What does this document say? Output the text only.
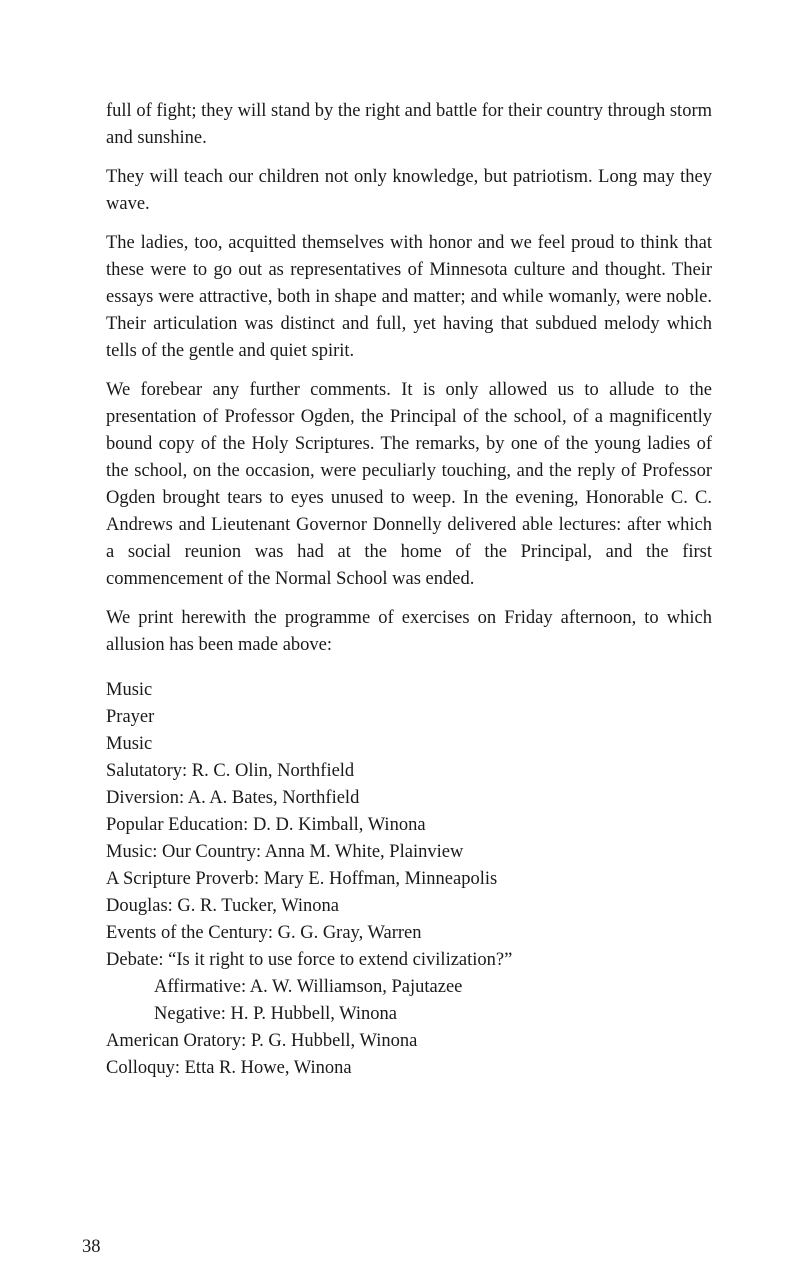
full of fight; they will stand by the right and battle for their country through storm and sunshine.

They will teach our children not only knowledge, but patriotism. Long may they wave.

The ladies, too, acquitted themselves with honor and we feel proud to think that these were to go out as representatives of Minnesota culture and thought. Their essays were attractive, both in shape and matter; and while womanly, were noble. Their articulation was distinct and full, yet having that subdued melody which tells of the gentle and quiet spirit.

We forebear any further comments. It is only allowed us to allude to the presentation of Professor Ogden, the Principal of the school, of a magnificently bound copy of the Holy Scriptures. The remarks, by one of the young ladies of the school, on the occasion, were peculiarly touching, and the reply of Professor Ogden brought tears to eyes unused to weep. In the evening, Honorable C. C. Andrews and Lieutenant Governor Donnelly delivered able lectures: after which a social reunion was had at the home of the Principal, and the first commencement of the Normal School was ended.

We print herewith the programme of exercises on Friday afternoon, to which allusion has been made above:

Music
Prayer
Music
Salutatory: R. C. Olin, Northfield
Diversion: A. A. Bates, Northfield
Popular Education: D. D. Kimball, Winona
Music: Our Country: Anna M. White, Plainview
A Scripture Proverb: Mary E. Hoffman, Minneapolis
Douglas: G. R. Tucker, Winona
Events of the Century: G. G. Gray, Warren
Debate: “Is it right to use force to extend civilization?”
Affirmative: A. W. Williamson, Pajutazee
Negative: H. P. Hubbell, Winona
American Oratory: P. G. Hubbell, Winona
Colloquy: Etta R. Howe, Winona
38
